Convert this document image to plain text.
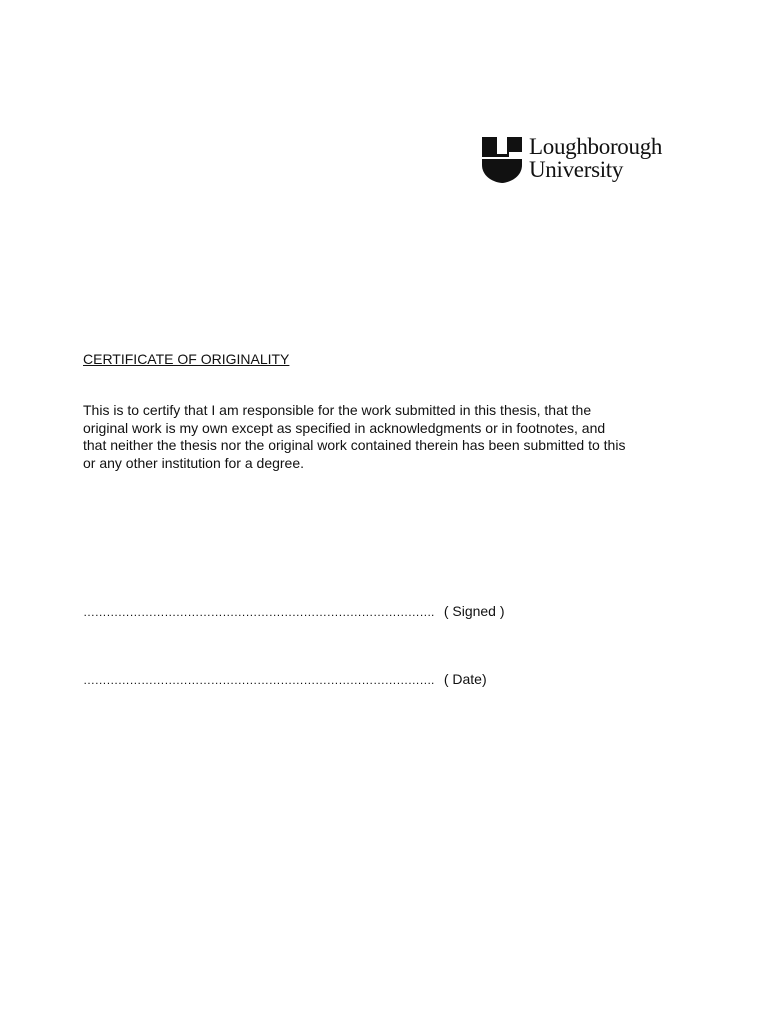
Loughborough
University
CERTIFICATE OF ORIGINALITY
This is to certify that I am responsible for the work submitted in this thesis, that the
original work is my own except as specified in acknowledgments or in footnotes, and
that neither the thesis nor the original work contained therein has been submitted to this
or any other institution for a degree.
………………………………………………………………………………. ( Signed )
………………………………………………………………………………. ( Date)
